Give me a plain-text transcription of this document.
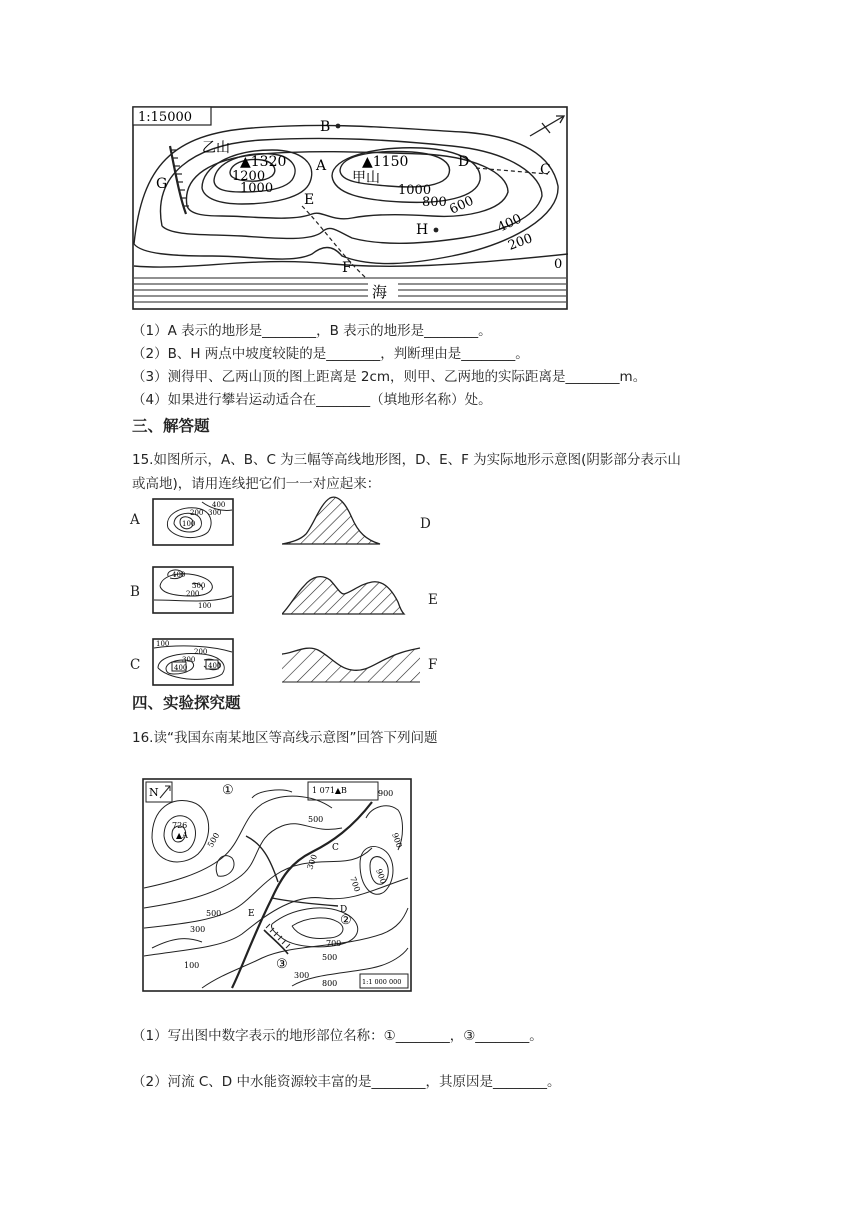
1:15000
海
B
A	D	C
G
E
H
F
乙山
▲1320	▲1150
甲山
1200
1000	1000
800 600
400
200
0
（1）A 表示的地形是________，B 表示的地形是________。
（2）B、H 两点中坡度较陡的是________，判断理由是________。
（3）测得甲、乙两山顶的图上距离是 2cm，则甲、乙两地的实际距离是________m。
（4）如果进行攀岩运动适合在________（填地形名称）处。
三、解答题
15.如图所示，A、B、C 为三幅等高线地形图，D、E、F 为实际地形示意图(阴影部分表示山
或高地)，请用连线把它们一一对应起来：
A
B
C
D
E
F
400
300
200
100
400
300
200
100
100
200
300
400	400
四、实验探究题
16.读“我国东南某地区等高线示意图”回答下列问题
N	1 071▲B
1:1 000 000
①
②
③
726
▲A
C
D
E
500
900
500
300
700 900
500
300
100
700
500
300
800
900
（1）写出图中数字表示的地形部位名称：①________，③________。
（2）河流 C、D 中水能资源较丰富的是________，其原因是________。
